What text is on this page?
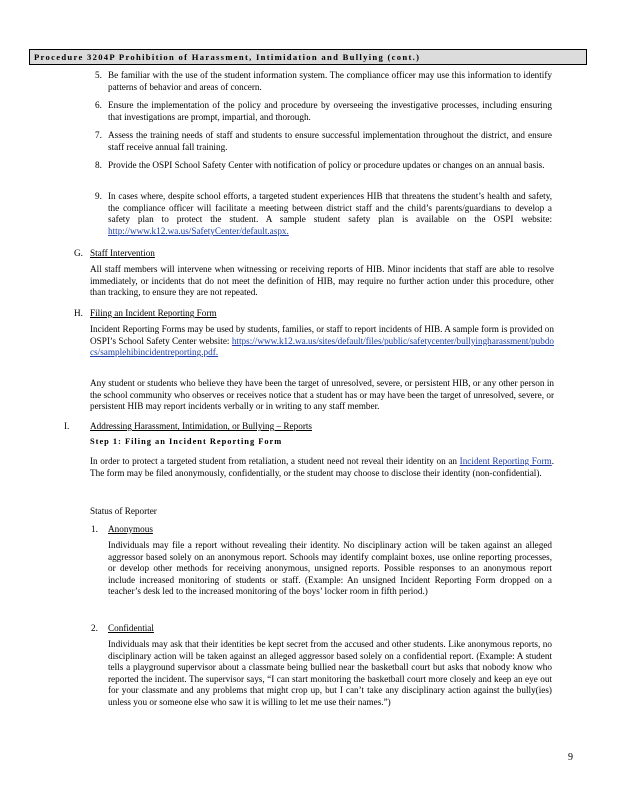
Procedure 3204P Prohibition of Harassment, Intimidation and Bullying (cont.)
5. Be familiar with the use of the student information system. The compliance officer may use this information to identify patterns of behavior and areas of concern.
6. Ensure the implementation of the policy and procedure by overseeing the investigative processes, including ensuring that investigations are prompt, impartial, and thorough.
7. Assess the training needs of staff and students to ensure successful implementation throughout the district, and ensure staff receive annual fall training.
8. Provide the OSPI School Safety Center with notification of policy or procedure updates or changes on an annual basis.
9. In cases where, despite school efforts, a targeted student experiences HIB that threatens the student’s health and safety, the compliance officer will facilitate a meeting between district staff and the child’s parents/guardians to develop a safety plan to protect the student. A sample student safety plan is available on the OSPI website: http://www.k12.wa.us/SafetyCenter/default.aspx.
G. Staff Intervention
All staff members will intervene when witnessing or receiving reports of HIB. Minor incidents that staff are able to resolve immediately, or incidents that do not meet the definition of HIB, may require no further action under this procedure, other than tracking, to ensure they are not repeated.
H. Filing an Incident Reporting Form
Incident Reporting Forms may be used by students, families, or staff to report incidents of HIB. A sample form is provided on OSPI’s School Safety Center website: https://www.k12.wa.us/sites/default/files/public/safetycenter/bullyingharassment/pubdocs/samplehibincidentreporting.pdf.
Any student or students who believe they have been the target of unresolved, severe, or persistent HIB, or any other person in the school community who observes or receives notice that a student has or may have been the target of unresolved, severe, or persistent HIB may report incidents verbally or in writing to any staff member.
I. Addressing Harassment, Intimidation, or Bullying – Reports
Step 1: Filing an Incident Reporting Form
In order to protect a targeted student from retaliation, a student need not reveal their identity on an Incident Reporting Form. The form may be filed anonymously, confidentially, or the student may choose to disclose their identity (non-confidential).
Status of Reporter
1. Anonymous
Individuals may file a report without revealing their identity. No disciplinary action will be taken against an alleged aggressor based solely on an anonymous report. Schools may identify complaint boxes, use online reporting processes, or develop other methods for receiving anonymous, unsigned reports. Possible responses to an anonymous report include increased monitoring of students or staff. (Example: An unsigned Incident Reporting Form dropped on a teacher’s desk led to the increased monitoring of the boys’ locker room in fifth period.)
2. Confidential
Individuals may ask that their identities be kept secret from the accused and other students. Like anonymous reports, no disciplinary action will be taken against an alleged aggressor based solely on a confidential report. (Example: A student tells a playground supervisor about a classmate being bullied near the basketball court but asks that nobody know who reported the incident. The supervisor says, “I can start monitoring the basketball court more closely and keep an eye out for your classmate and any problems that might crop up, but I can’t take any disciplinary action against the bully(ies) unless you or someone else who saw it is willing to let me use their names.”)
9
